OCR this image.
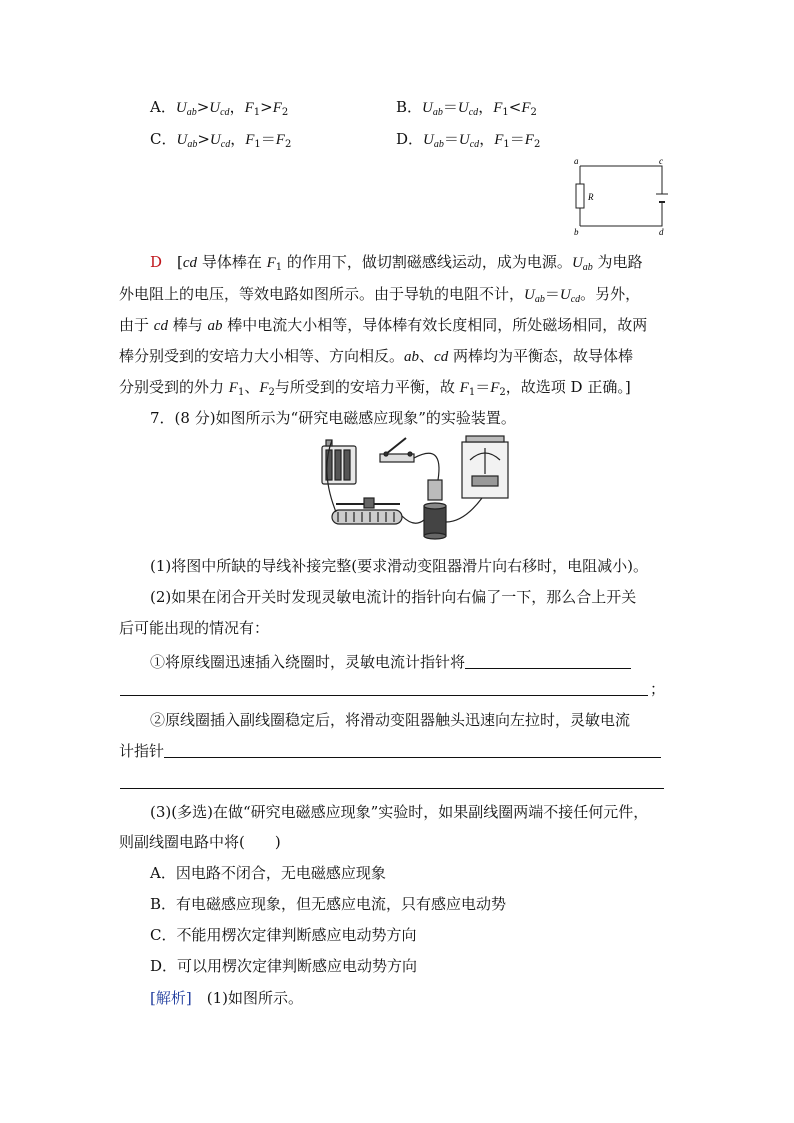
A．$U_{ab}>U_{cd}$，$F_1>F_2$	B．$U_{ab}=U_{cd}$，$F_1<F_2$
C．$U_{ab}>U_{cd}$，$F_1=F_2$	D．$U_{ab}=U_{cd}$，$F_1=F_2$
a	c
b	d
R
D  [cd 导体棒在 $F_1$ 的作用下，做切割磁感线运动，成为电源。$U_{ab}$ 为电路
外电阻上的电压，等效电路如图所示。由于导轨的电阻不计，$U_{ab}=U_{cd}$。另外，
由于 cd 棒与 ab 棒中电流大小相等，导体棒有效长度相同，所处磁场相同，故两
棒分别受到的安培力大小相等、方向相反。ab、cd 两棒均为平衡态，故导体棒
分别受到的外力 $F_1$、$F_2$与所受到的安培力平衡，故 $F_1=F_2$，故选项 D 正确。]
7．(8 分)如图所示为“研究电磁感应现象”的实验装置。
(1)将图中所缺的导线补接完整(要求滑动变阻器滑片向右移时，电阻减小)。
(2)如果在闭合开关时发现灵敏电流计的指针向右偏了一下，那么合上开关
后可能出现的情况有：
①将原线圈迅速插入绕圈时，灵敏电流计指针将
；
②原线圈插入副线圈稳定后，将滑动变阻器触头迅速向左拉时，灵敏电流
计指针
(3)(多选)在做“研究电磁感应现象”实验时，如果副线圈两端不接任何元件，
则副线圈电路中将(　　)
A．因电路不闭合，无电磁感应现象
B．有电磁感应现象，但无感应电流，只有感应电动势
C．不能用楞次定律判断感应电动势方向
D．可以用楞次定律判断感应电动势方向
[解析]  (1)如图所示。
